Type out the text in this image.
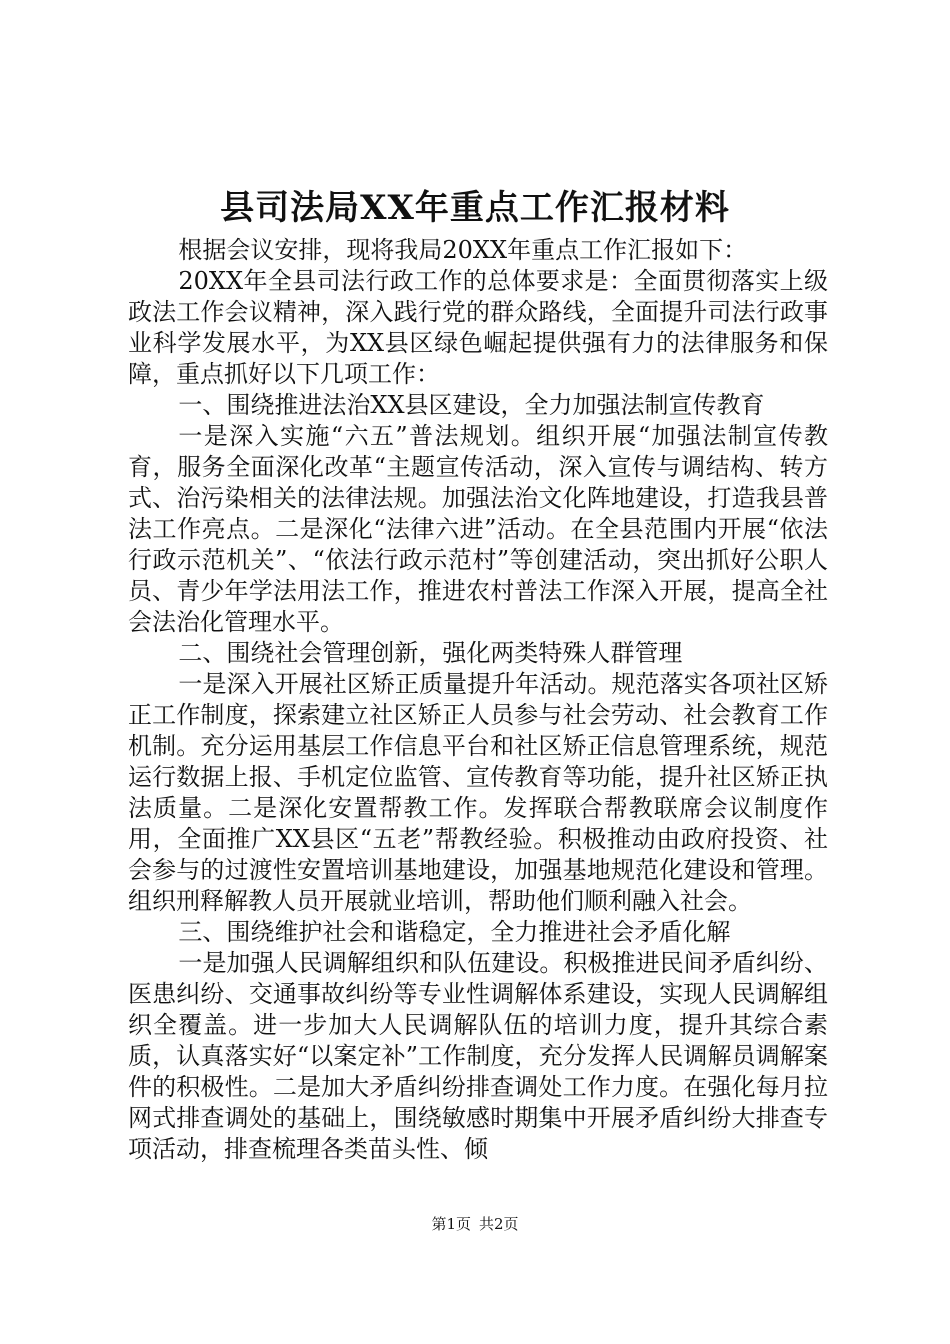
县司法局XX年重点工作汇报材料

根据会议安排，现将我局20XX年重点工作汇报如下：

20XX年全县司法行政工作的总体要求是：全面贯彻落实上级政法工作会议精神，深入践行党的群众路线，全面提升司法行政事业科学发展水平，为XX县区绿色崛起提供强有力的法律服务和保障，重点抓好以下几项工作：

一、围绕推进法治XX县区建设，全力加强法制宣传教育

一是深入实施“六五”普法规划。组织开展“加强法制宣传教育，服务全面深化改革“主题宣传活动，深入宣传与调结构、转方式、治污染相关的法律法规。加强法治文化阵地建设，打造我县普法工作亮点。二是深化“法律六进”活动。在全县范围内开展“依法行政示范机关”、“依法行政示范村”等创建活动，突出抓好公职人员、青少年学法用法工作，推进农村普法工作深入开展，提高全社会法治化管理水平。

二、围绕社会管理创新，强化两类特殊人群管理

一是深入开展社区矫正质量提升年活动。规范落实各项社区矫正工作制度，探索建立社区矫正人员参与社会劳动、社会教育工作机制。充分运用基层工作信息平台和社区矫正信息管理系统，规范运行数据上报、手机定位监管、宣传教育等功能，提升社区矫正执法质量。二是深化安置帮教工作。发挥联合帮教联席会议制度作用，全面推广XX县区“五老”帮教经验。积极推动由政府投资、社会参与的过渡性安置培训基地建设，加强基地规范化建设和管理。组织刑释解教人员开展就业培训，帮助他们顺利融入社会。

三、围绕维护社会和谐稳定，全力推进社会矛盾化解

一是加强人民调解组织和队伍建设。积极推进民间矛盾纠纷、医患纠纷、交通事故纠纷等专业性调解体系建设，实现人民调解组织全覆盖。进一步加大人民调解队伍的培训力度，提升其综合素质，认真落实好“以案定补”工作制度，充分发挥人民调解员调解案件的积极性。二是加大矛盾纠纷排查调处工作力度。在强化每月拉网式排查调处的基础上，围绕敏感时期集中开展矛盾纠纷大排查专项活动，排查梳理各类苗头性、倾

第1页 共2页
